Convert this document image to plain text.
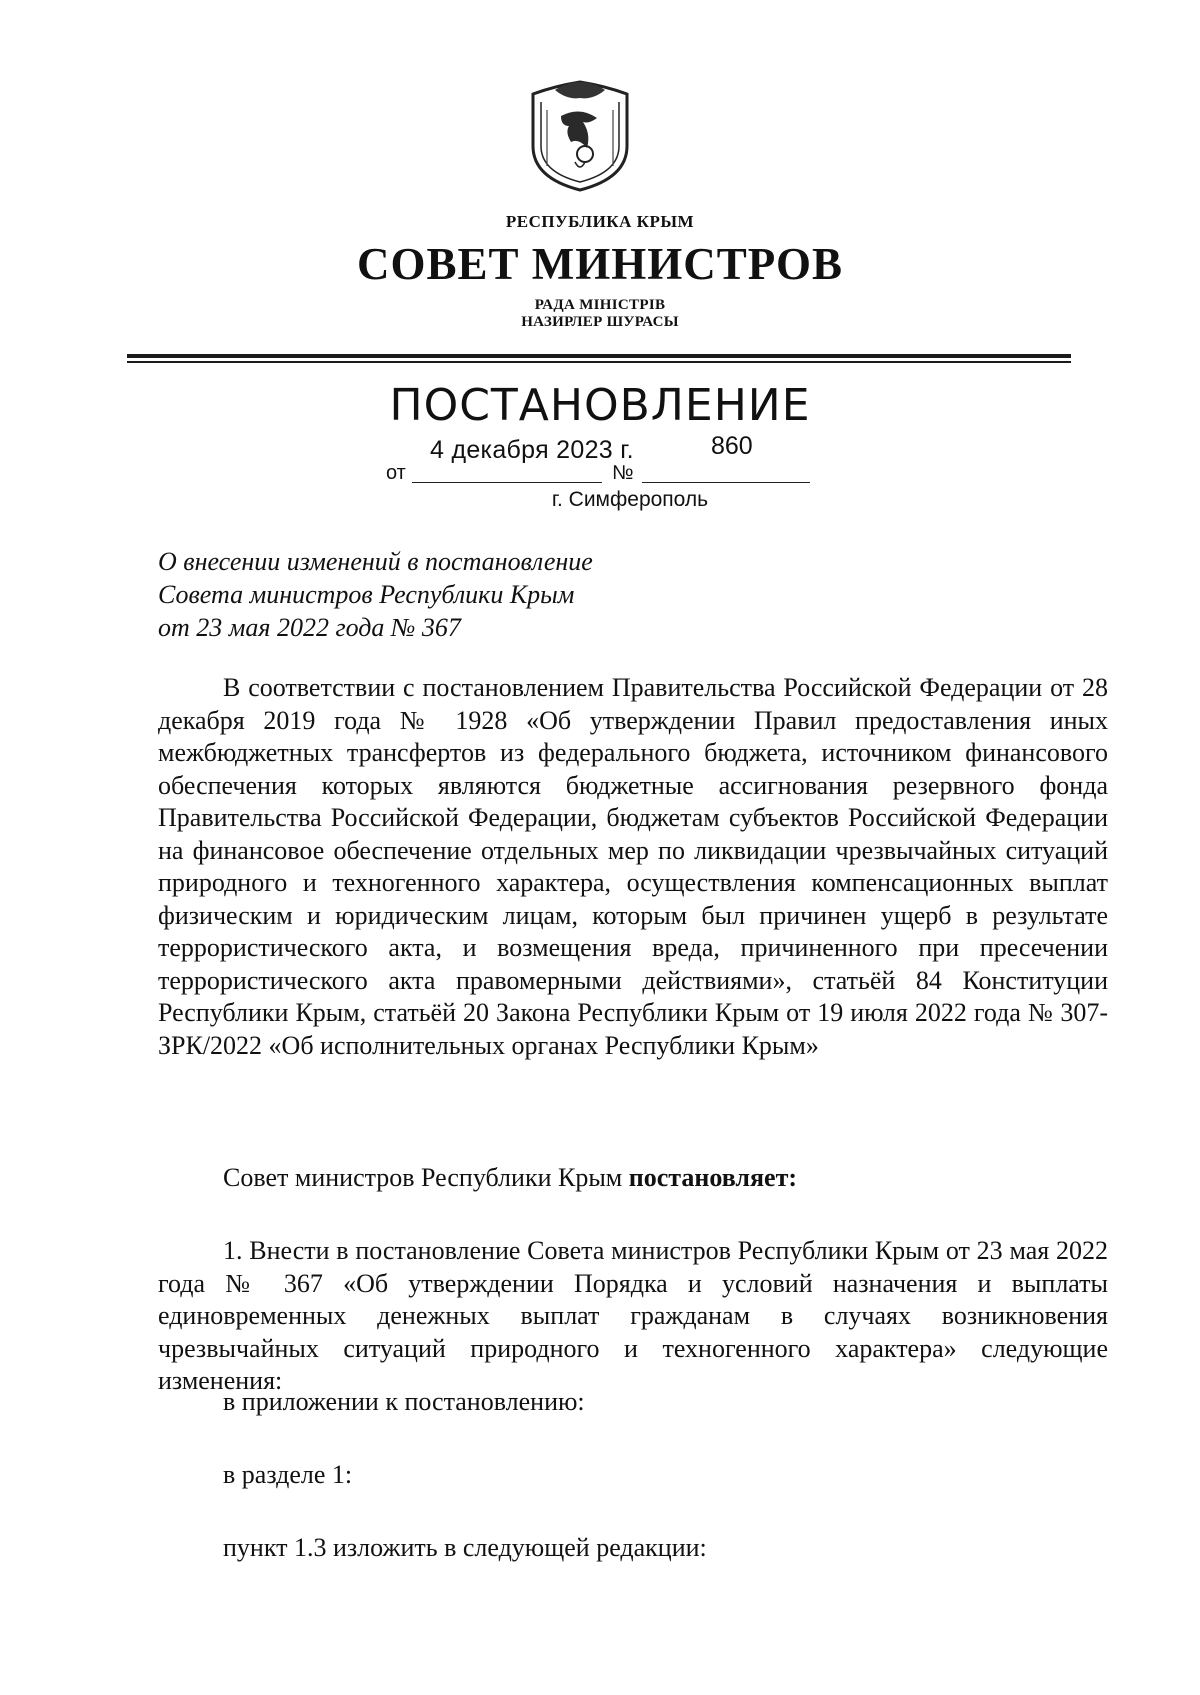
РЕСПУБЛИКА КРЫМ
СОВЕТ МИНИСТРОВ
РАДА МІНІСТРІВ
НАЗИРЛЕР ШУРАСЫ
ПОСТАНОВЛЕНИЕ
от
4 декабря 2023 г.
№
860
г. Симферополь
О внесении изменений в постановление
Совета министров Республики Крым
от 23 мая 2022 года № 367
В соответствии с постановлением Правительства Российской Федерации от 28 декабря 2019 года № 1928 «Об утверждении Правил предоставления иных межбюджетных трансфертов из федерального бюджета, источником финансового обеспечения которых являются бюджетные ассигнования резервного фонда Правительства Российской Федерации, бюджетам субъектов Российской Федерации на финансовое обеспечение отдельных мер по ликвидации чрезвычайных ситуаций природного и техногенного характера, осуществления компенсационных выплат физическим и юридическим лицам, которым был причинен ущерб в результате террористического акта, и возмещения вреда, причиненного при пресечении террористического акта правомерными действиями», статьёй 84 Конституции Республики Крым, статьёй 20 Закона Республики Крым от 19 июля 2022 года № 307-ЗРК/2022 «Об исполнительных органах Республики Крым»
Совет министров Республики Крым постановляет:
1. Внести в постановление Совета министров Республики Крым от 23 мая 2022 года № 367 «Об утверждении Порядка и условий назначения и выплаты единовременных денежных выплат гражданам в случаях возникновения чрезвычайных ситуаций природного и техногенного характера» следующие изменения:
в приложении к постановлению:
в разделе 1:
пункт 1.3 изложить в следующей редакции:
